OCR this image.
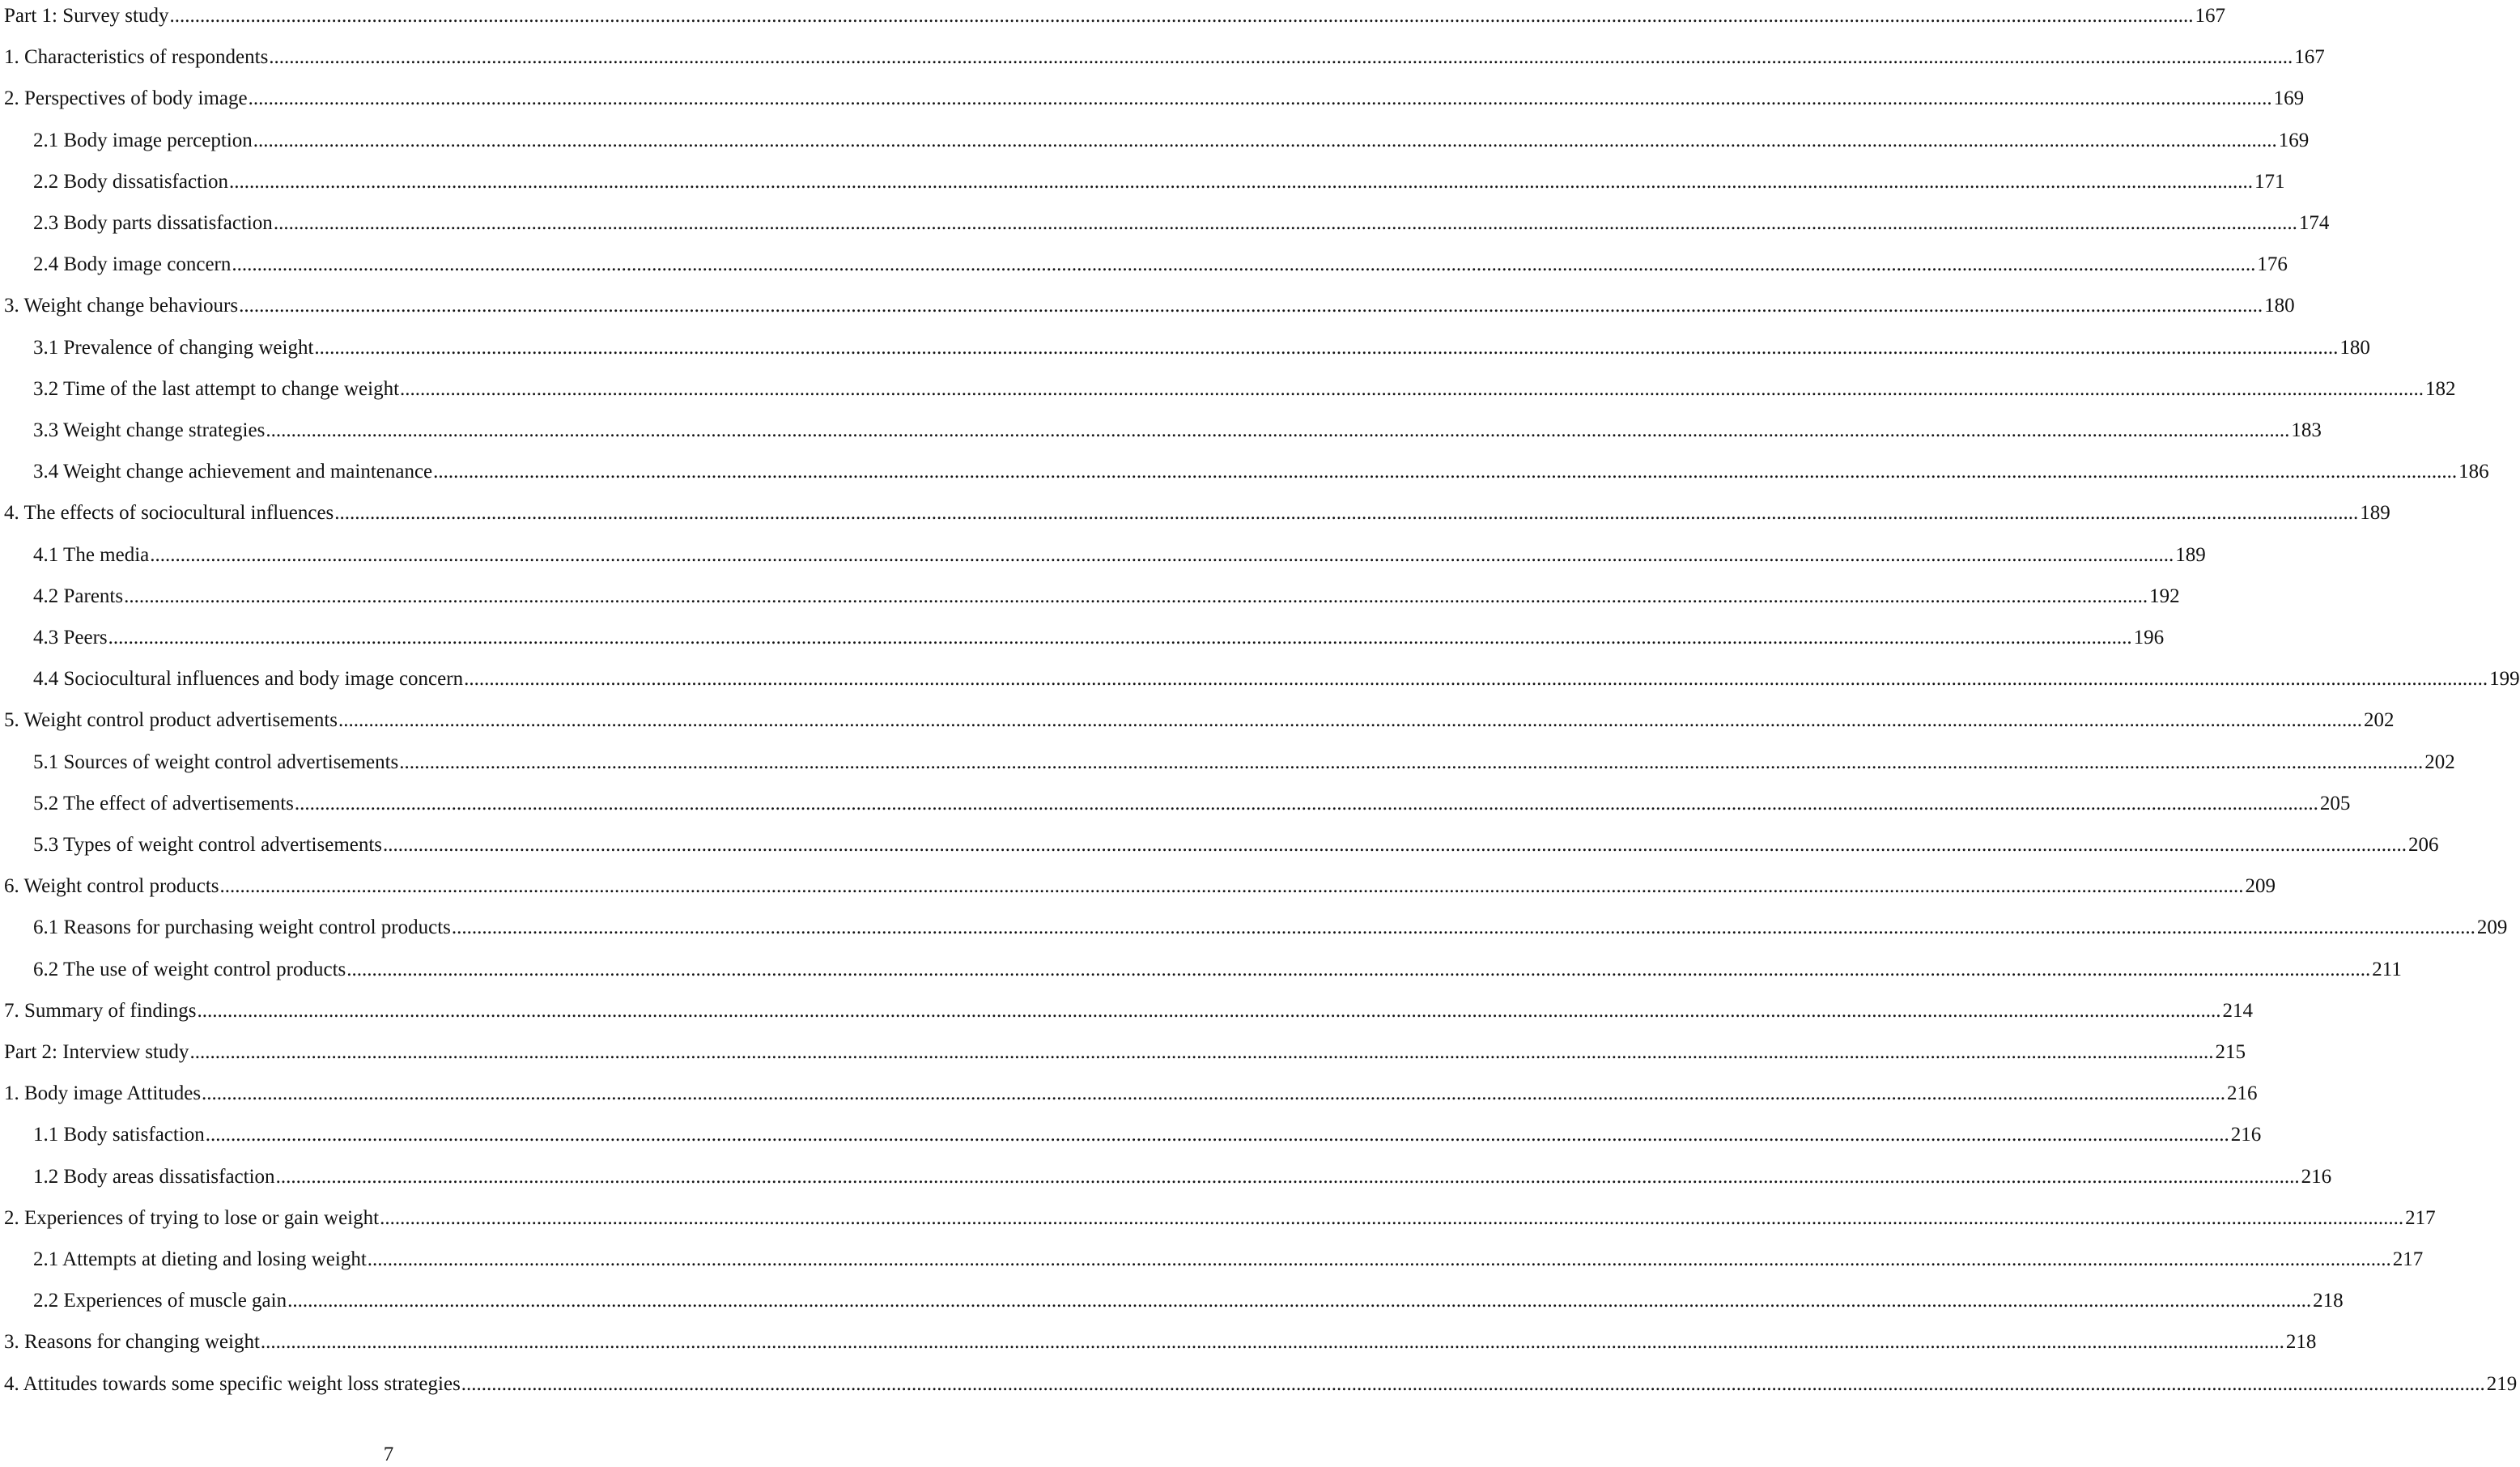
Part 1: Survey study ................................................................................................................................................................................................................................................................................................................................................................................................................ 167
1. Characteristics of respondents ................................................................................................................................................................................................................................................................................................................................................................................................................ 167
2. Perspectives of body image ................................................................................................................................................................................................................................................................................................................................................................................................................ 169
2.1 Body image perception ................................................................................................................................................................................................................................................................................................................................................................................................................ 169
2.2 Body dissatisfaction ................................................................................................................................................................................................................................................................................................................................................................................................................ 171
2.3 Body parts dissatisfaction ................................................................................................................................................................................................................................................................................................................................................................................................................ 174
2.4 Body image concern ................................................................................................................................................................................................................................................................................................................................................................................................................ 176
3. Weight change behaviours ................................................................................................................................................................................................................................................................................................................................................................................................................ 180
3.1 Prevalence of changing weight ................................................................................................................................................................................................................................................................................................................................................................................................................ 180
3.2 Time of the last attempt to change weight ................................................................................................................................................................................................................................................................................................................................................................................................................ 182
3.3 Weight change strategies ................................................................................................................................................................................................................................................................................................................................................................................................................ 183
3.4 Weight change achievement and maintenance ................................................................................................................................................................................................................................................................................................................................................................................................................ 186
4. The effects of sociocultural influences ................................................................................................................................................................................................................................................................................................................................................................................................................ 189
4.1 The media ................................................................................................................................................................................................................................................................................................................................................................................................................ 189
4.2 Parents ................................................................................................................................................................................................................................................................................................................................................................................................................ 192
4.3 Peers ................................................................................................................................................................................................................................................................................................................................................................................................................ 196
4.4 Sociocultural influences and body image concern ................................................................................................................................................................................................................................................................................................................................................................................................................ 199
5. Weight control product advertisements ................................................................................................................................................................................................................................................................................................................................................................................................................ 202
5.1 Sources of weight control advertisements ................................................................................................................................................................................................................................................................................................................................................................................................................ 202
5.2 The effect of advertisements ................................................................................................................................................................................................................................................................................................................................................................................................................ 205
5.3 Types of weight control advertisements ................................................................................................................................................................................................................................................................................................................................................................................................................ 206
6. Weight control products ................................................................................................................................................................................................................................................................................................................................................................................................................ 209
6.1 Reasons for purchasing weight control products ................................................................................................................................................................................................................................................................................................................................................................................................................ 209
6.2 The use of weight control products ................................................................................................................................................................................................................................................................................................................................................................................................................ 211
7. Summary of findings ................................................................................................................................................................................................................................................................................................................................................................................................................ 214
Part 2: Interview study ................................................................................................................................................................................................................................................................................................................................................................................................................ 215
1. Body image Attitudes ................................................................................................................................................................................................................................................................................................................................................................................................................ 216
1.1 Body satisfaction ................................................................................................................................................................................................................................................................................................................................................................................................................ 216
1.2 Body areas dissatisfaction ................................................................................................................................................................................................................................................................................................................................................................................................................ 216
2. Experiences of trying to lose or gain weight ................................................................................................................................................................................................................................................................................................................................................................................................................ 217
2.1 Attempts at dieting and losing weight ................................................................................................................................................................................................................................................................................................................................................................................................................ 217
2.2 Experiences of muscle gain ................................................................................................................................................................................................................................................................................................................................................................................................................ 218
3. Reasons for changing weight ................................................................................................................................................................................................................................................................................................................................................................................................................ 218
4. Attitudes towards some specific weight loss strategies ................................................................................................................................................................................................................................................................................................................................................................................................................ 219
7
